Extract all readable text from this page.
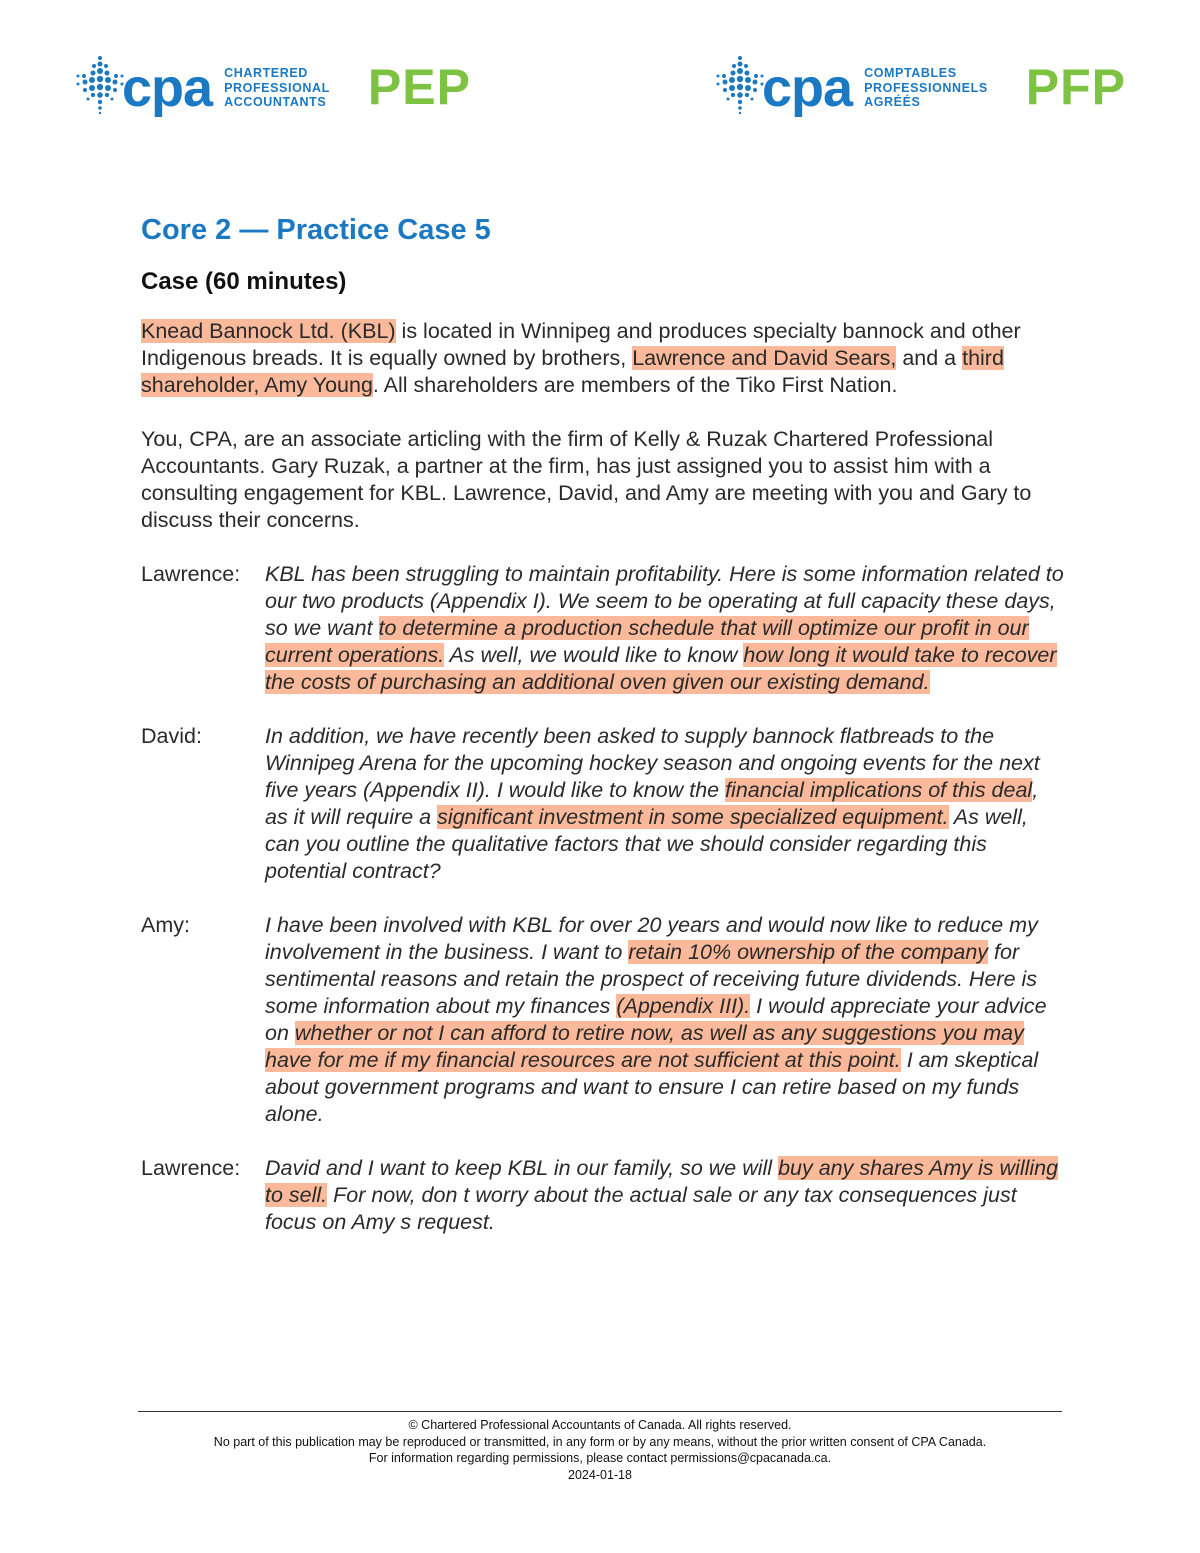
cpa CHARTERED
PROFESSIONAL
ACCOUNTANTS PEP	cpa COMPTABLES
PROFESSIONNELS
AGRÉÉS	PFP
Core 2 — Practice Case 5
Case (60 minutes)

Knead Bannock Ltd. (KBL) is located in Winnipeg and produces specialty bannock and other Indigenous breads. It is equally owned by brothers, Lawrence and David Sears, and a third shareholder, Amy Young. All shareholders are members of the Tiko First Nation.

You, CPA, are an associate articling with the firm of Kelly & Ruzak Chartered Professional Accountants. Gary Ruzak, a partner at the firm, has just assigned you to assist him with a consulting engagement for KBL. Lawrence, David, and Amy are meeting with you and Gary to discuss their concerns.

Lawrence:	KBL has been struggling to maintain profitability. Here is some information related to our two products (Appendix I). We seem to be operating at full capacity these days, so we want to determine a production schedule that will optimize our profit in our current operations. As well, we would like to know how long it would take to recover the costs of purchasing an additional oven given our existing demand.
David:	In addition, we have recently been asked to supply bannock flatbreads to the Winnipeg Arena for the upcoming hockey season and ongoing events for the next five years (Appendix II). I would like to know the financial implications of this deal, as it will require a significant investment in some specialized equipment. As well, can you outline the qualitative factors that we should consider regarding this potential contract?
Amy:	I have been involved with KBL for over 20 years and would now like to reduce my involvement in the business. I want to retain 10% ownership of the company for sentimental reasons and retain the prospect of receiving future dividends. Here is some information about my finances (Appendix III). I would appreciate your advice on whether or not I can afford to retire now, as well as any suggestions you may have for me if my financial resources are not sufficient at this point. I am skeptical about government programs and want to ensure I can retire based on my funds alone.
Lawrence:	David and I want to keep KBL in our family, so we will buy any shares Amy is willing to sell. For now, don t worry about the actual sale or any tax consequences just focus on Amy s request.
© Chartered Professional Accountants of Canada. All rights reserved.
No part of this publication may be reproduced or transmitted, in any form or by any means, without the prior written consent of CPA Canada.
For information regarding permissions, please contact permissions@cpacanada.ca.
2024-01-18
